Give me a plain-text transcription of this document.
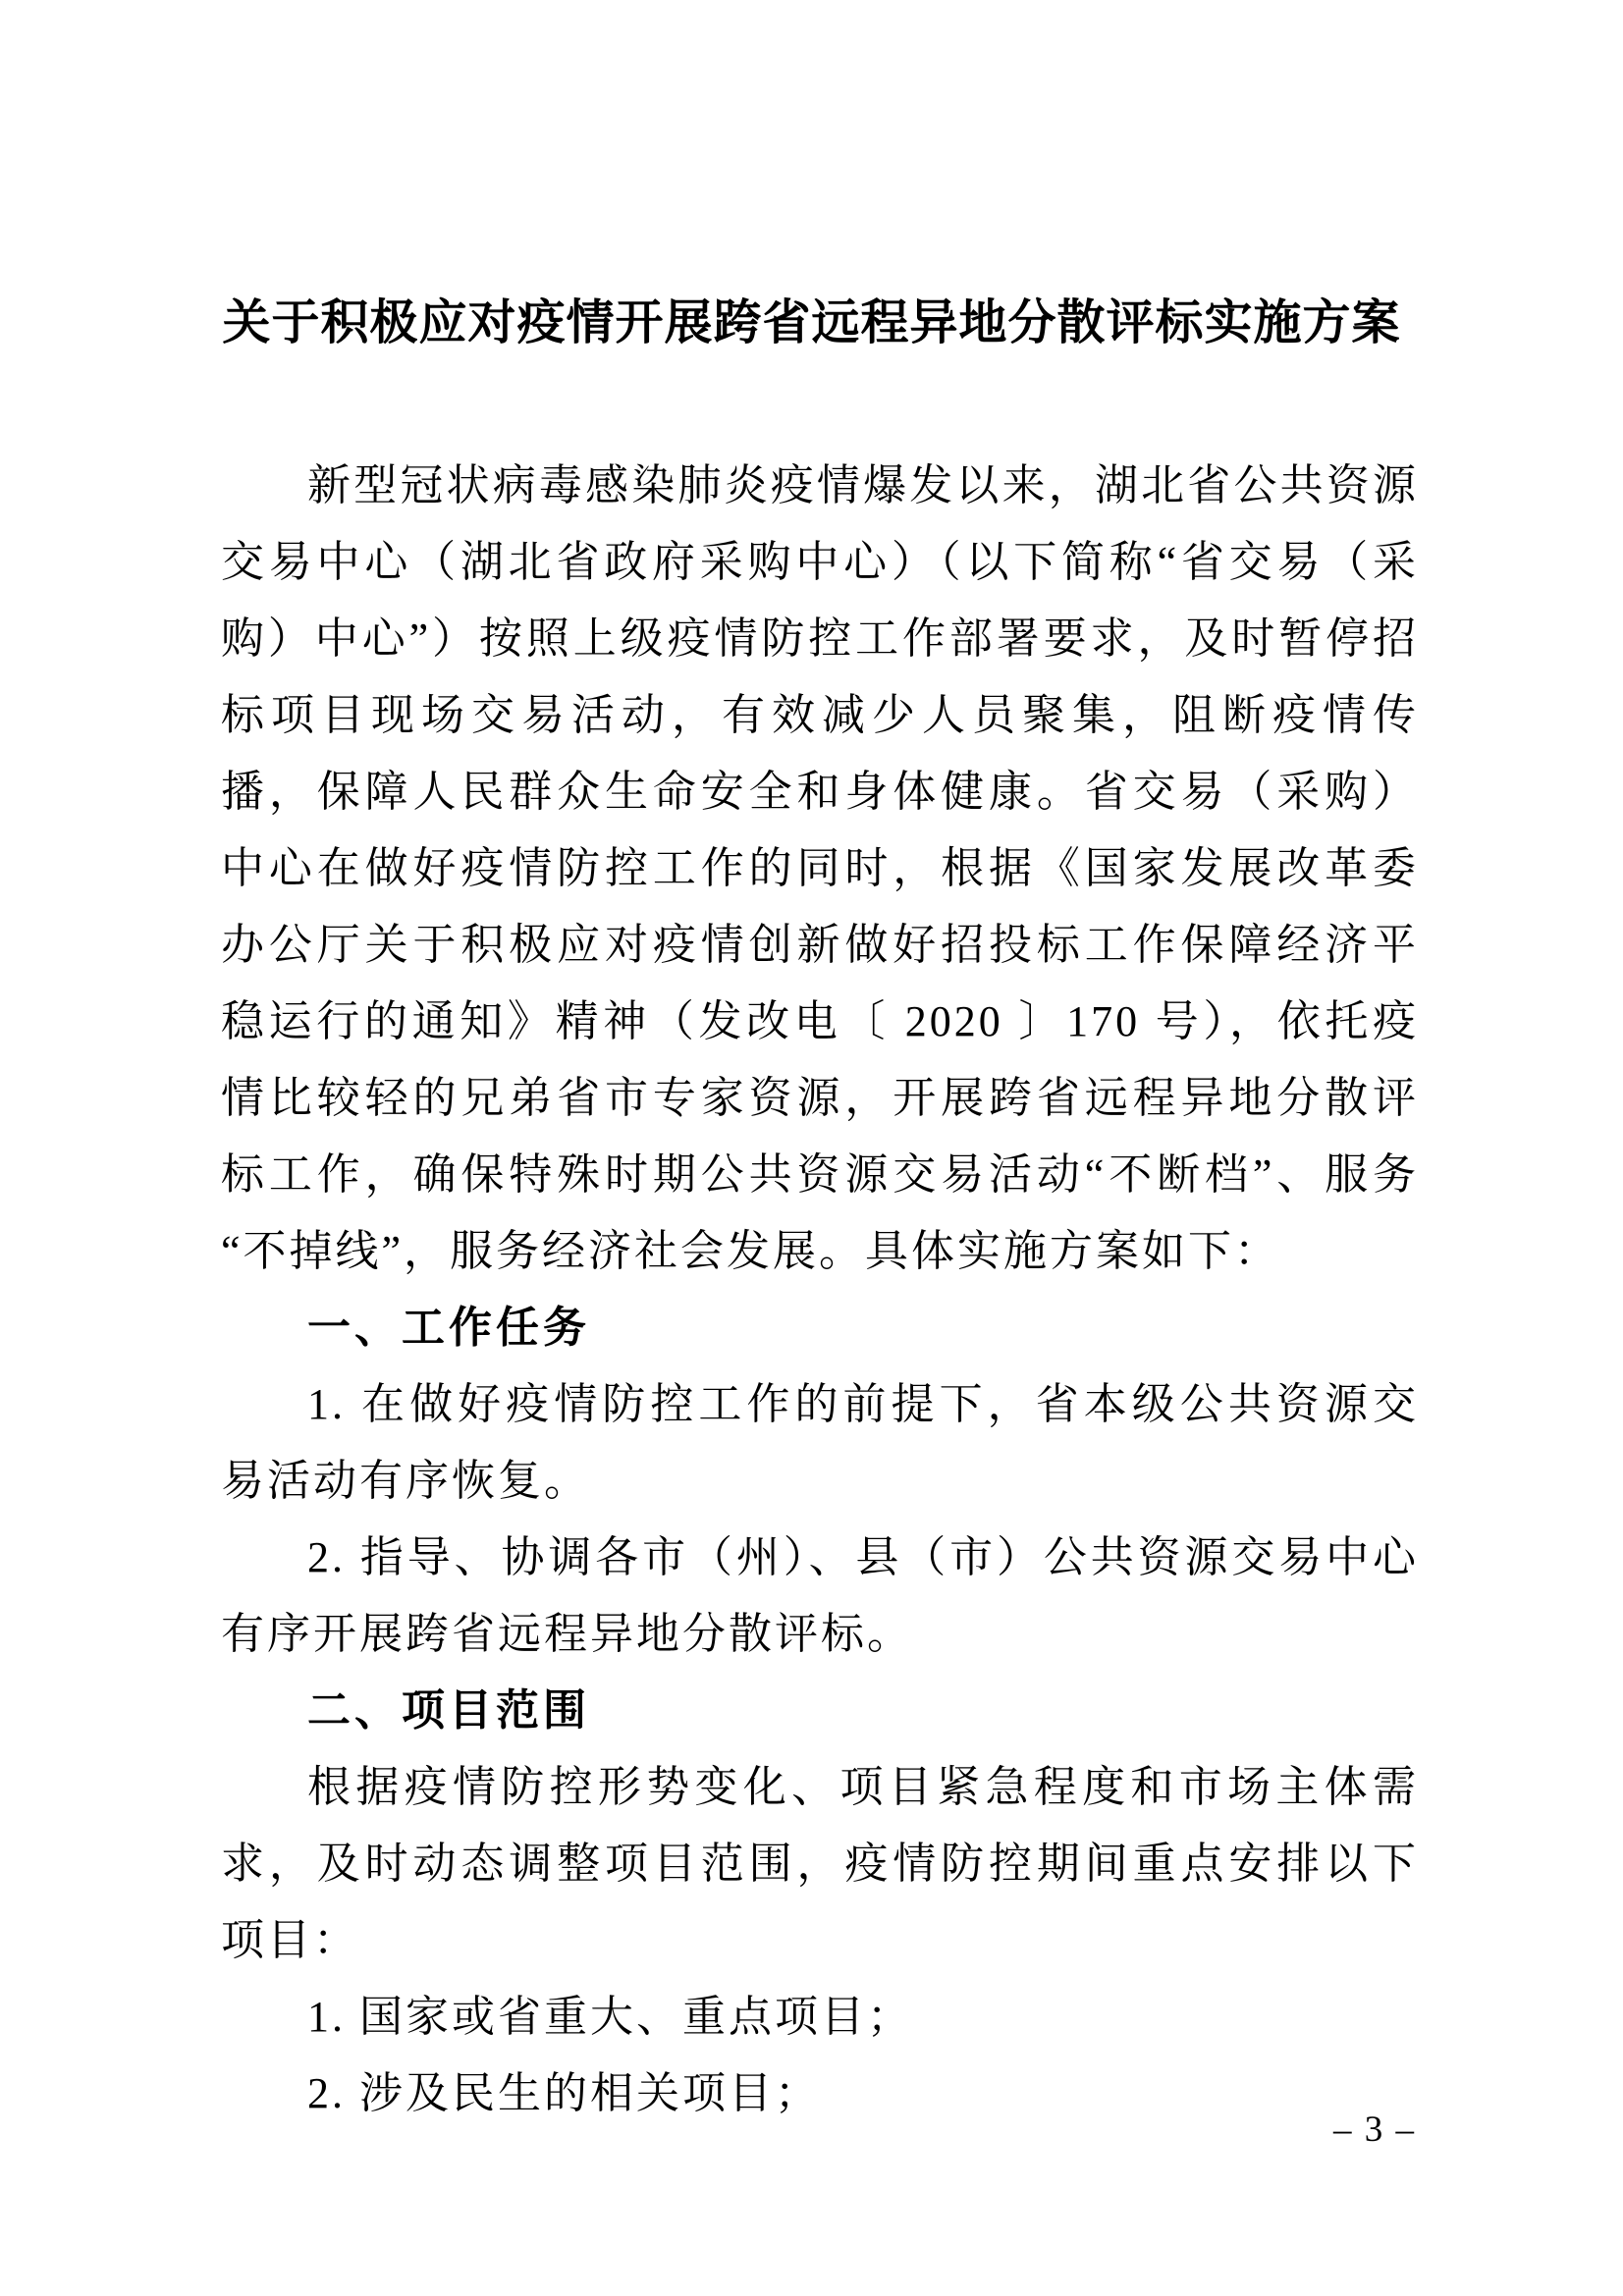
关于积极应对疫情开展跨省远程异地分散评标实施方案

新型冠状病毒感染肺炎疫情爆发以来，湖北省公共资源交易中心（湖北省政府采购中心）（以下简称“省交易（采购）中心”）按照上级疫情防控工作部署要求，及时暂停招标项目现场交易活动，有效减少人员聚集，阻断疫情传播，保障人民群众生命安全和身体健康。省交易（采购）中心在做好疫情防控工作的同时，根据《国家发展改革委办公厅关于积极应对疫情创新做好招投标工作保障经济平稳运行的通知》精神（发改电〔 2020 〕170 号），依托疫情比较轻的兄弟省市专家资源，开展跨省远程异地分散评标工作，确保特殊时期公共资源交易活动“不断档”、服务“不掉线”，服务经济社会发展。具体实施方案如下：

一、工作任务

1. 在做好疫情防控工作的前提下，省本级公共资源交易活动有序恢复。

2. 指导、协调各市（州）、县（市）公共资源交易中心有序开展跨省远程异地分散评标。

二、项目范围

根据疫情防控形势变化、项目紧急程度和市场主体需求，及时动态调整项目范围，疫情防控期间重点安排以下项目：

1. 国家或省重大、重点项目；

2. 涉及民生的相关项目；

– 3 –
